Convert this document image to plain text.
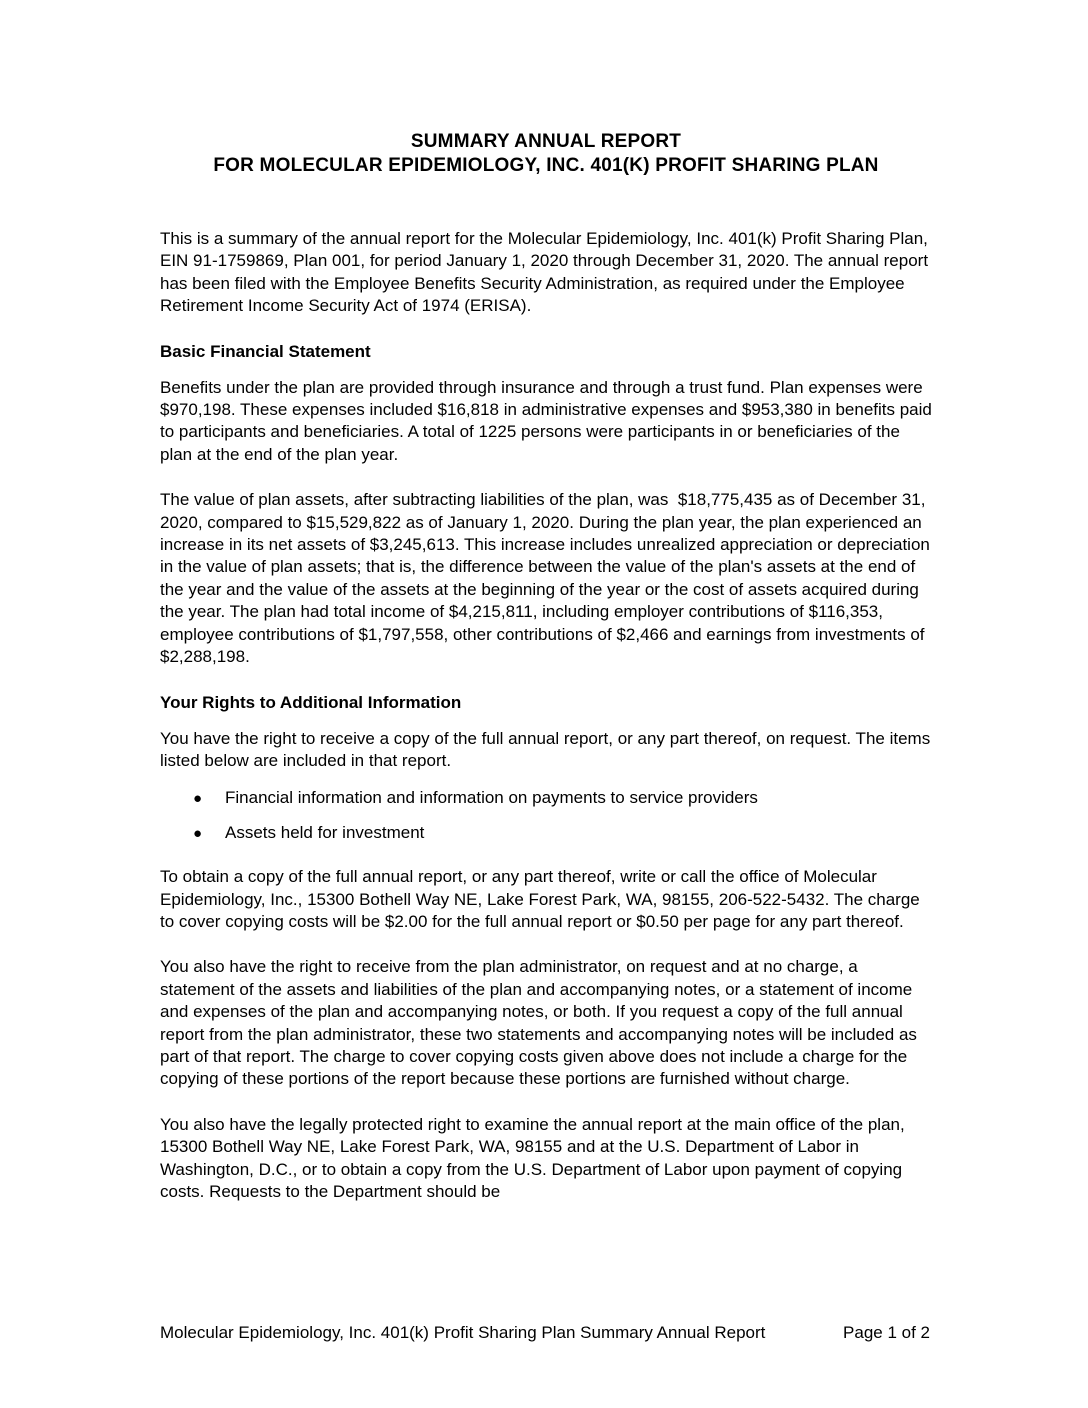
SUMMARY ANNUAL REPORT
FOR MOLECULAR EPIDEMIOLOGY, INC. 401(K) PROFIT SHARING PLAN

This is a summary of the annual report for the Molecular Epidemiology, Inc. 401(k) Profit Sharing Plan, EIN 91-1759869, Plan 001, for period January 1, 2020 through December 31, 2020. The annual report has been filed with the Employee Benefits Security Administration, as required under the Employee Retirement Income Security Act of 1974 (ERISA).

Basic Financial Statement

Benefits under the plan are provided through insurance and through a trust fund. Plan expenses were $970,198. These expenses included $16,818 in administrative expenses and $953,380 in benefits paid to participants and beneficiaries. A total of 1225 persons were participants in or beneficiaries of the plan at the end of the plan year.

The value of plan assets, after subtracting liabilities of the plan, was  $18,775,435 as of December 31, 2020, compared to $15,529,822 as of January 1, 2020. During the plan year, the plan experienced an increase in its net assets of $3,245,613. This increase includes unrealized appreciation or depreciation in the value of plan assets; that is, the difference between the value of the plan's assets at the end of the year and the value of the assets at the beginning of the year or the cost of assets acquired during the year. The plan had total income of $4,215,811, including employer contributions of $116,353, employee contributions of $1,797,558, other contributions of $2,466 and earnings from investments of $2,288,198.

Your Rights to Additional Information

You have the right to receive a copy of the full annual report, or any part thereof, on request. The items listed below are included in that report.

●	Financial information and information on payments to service providers
●	Assets held for investment

To obtain a copy of the full annual report, or any part thereof, write or call the office of Molecular Epidemiology, Inc., 15300 Bothell Way NE, Lake Forest Park, WA, 98155, 206-522-5432. The charge to cover copying costs will be $2.00 for the full annual report or $0.50 per page for any part thereof.

You also have the right to receive from the plan administrator, on request and at no charge, a statement of the assets and liabilities of the plan and accompanying notes, or a statement of income and expenses of the plan and accompanying notes, or both. If you request a copy of the full annual report from the plan administrator, these two statements and accompanying notes will be included as part of that report. The charge to cover copying costs given above does not include a charge for the copying of these portions of the report because these portions are furnished without charge.

You also have the legally protected right to examine the annual report at the main office of the plan, 15300 Bothell Way NE, Lake Forest Park, WA, 98155 and at the U.S. Department of Labor in Washington, D.C., or to obtain a copy from the U.S. Department of Labor upon payment of copying costs. Requests to the Department should be

Molecular Epidemiology, Inc. 401(k) Profit Sharing Plan Summary Annual Report	Page 1 of 2
